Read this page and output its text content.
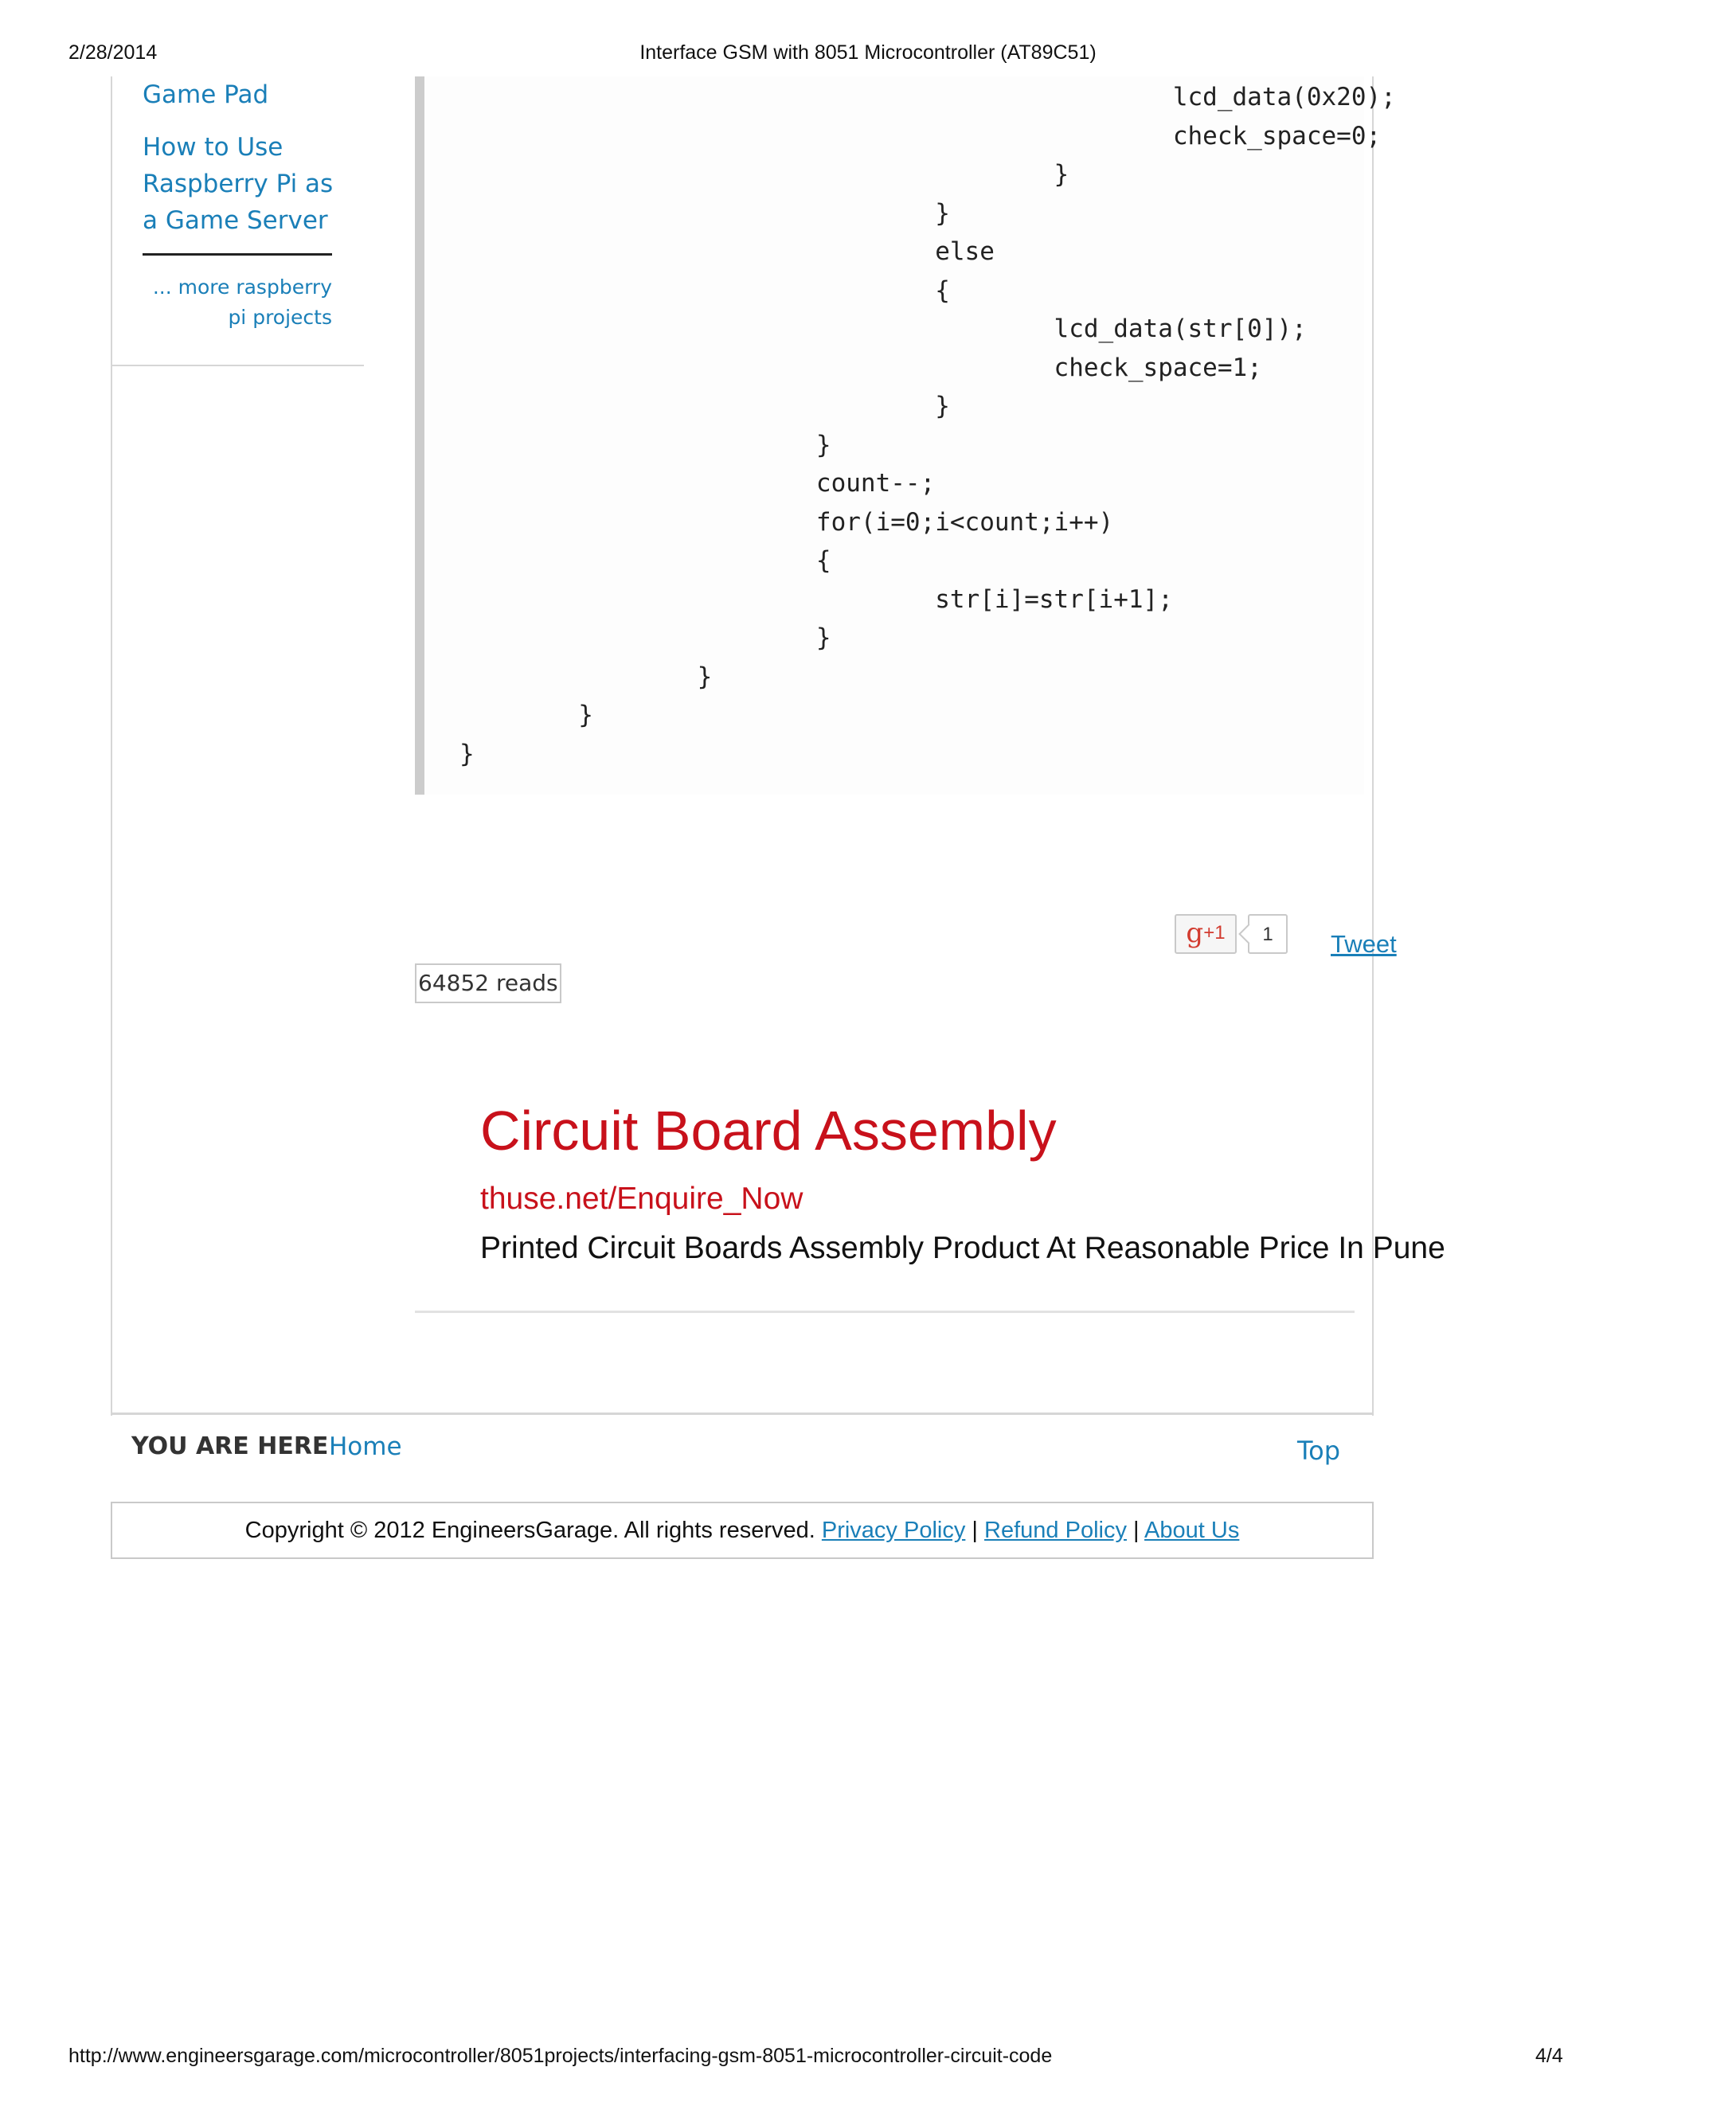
2/28/2014	Interface GSM with 8051 Microcontroller (AT89C51)
Game Pad
How to Use Raspberry Pi as a Game Server
... more raspberry pi projects
lcd_data(0x20);
check_space=0;
}
}
else
{
lcd_data(str[0]);
check_space=1;
}
}
count--;
for(i=0;i<count;i++)
{
str[i]=str[i+1];
}
}
}
}
$g^{+1}$	1	Tweet
64852 reads
Circuit Board Assembly
thuse.net/Enquire_Now
Printed Circuit Boards Assembly Product At Reasonable Price In Pune
YOU ARE HERE Home	Top
Copyright © 2012 EngineersGarage. All rights reserved. Privacy Policy | Refund Policy | About Us
http://www.engineersgarage.com/microcontroller/8051projects/interfacing-gsm-8051-microcontroller-circuit-code	4/4
